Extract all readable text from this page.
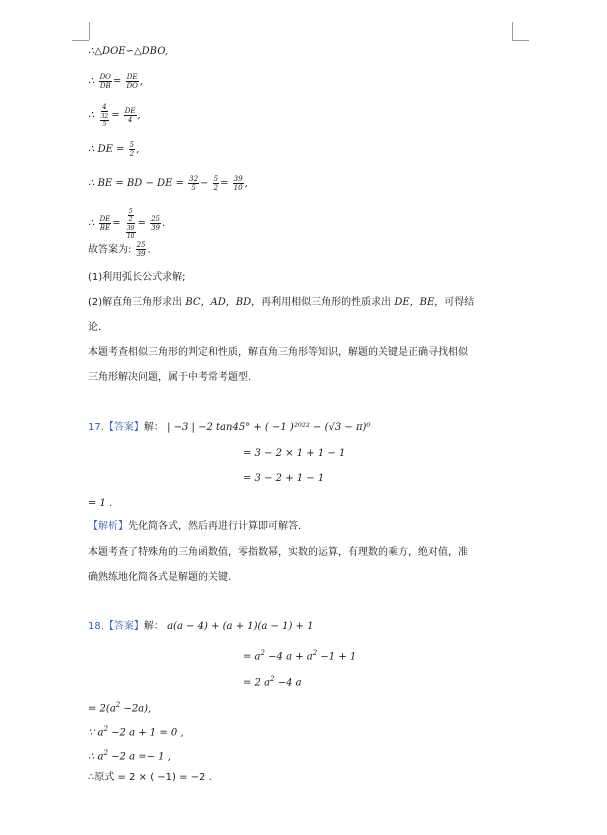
∴△DOE∽△DBO,
∴ $\frac{DO}{DB} = \frac{DE}{DO}$ ,
∴ $\frac{4}{\frac{32}{5}} = \frac{DE}{4}$ ,
∴ DE = $\frac{5}{2}$ ,
∴ BE = BD − DE = $\frac{32}{5} - \frac{5}{2} = \frac{39}{10}$ ,
∴ $\frac{DE}{BE} = \frac{\frac{5}{2}}{\frac{39}{10}} = \frac{25}{39}$ .
故答案为: $\frac{25}{39}$ .
(1)利用弧长公式求解;
(2)解直角三角形求出 BC，AD，BD，再利用相似三角形的性质求出 DE，BE，可得结
论.
本题考查相似三角形的判定和性质，解直角三角形等知识，解题的关键是正确寻找相似
三角形解决问题，属于中考常考题型.
17.【答案】解： | −3 | −2 tan45° + ( −1 )²⁰²² − (√3 − π)⁰
= 3 − 2 × 1 + 1 − 1
= 3 − 2 + 1 − 1
= 1 .
【解析】先化简各式，然后再进行计算即可解答.
本题考查了特殊角的三角函数值，零指数幂，实数的运算，有理数的乘方，绝对值，准
确熟练地化简各式是解题的关键.
18.【答案】解： a(a − 4) + (a + 1)(a − 1) + 1
= $a^2 -4$ $a + a^2 -1 + 1$
= 2 $a^2 -4$ a
= $2(a^2 -2a)$,
∵ $a^2 -2$ a + 1 = 0 ,
∴ $a^2 -2$ a =− 1 ,
∴原式 = 2 × ( −1) = −2 .
